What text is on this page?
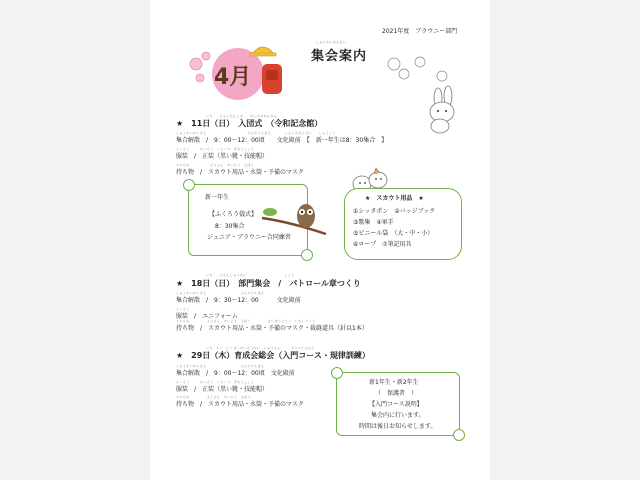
2021年度　ブラウニー部門
しゅうかいあんない
集会案内
4月
にち　　にゅうだんしき　　れいわきねんかん
★　11日（日）　入団式　（令和記念館）
しゅうかいかいさん　　　　　　　　　　　　ぶんかでんまえ　　　　しんいちねんせい　　しゅうごう
集合解散　/　9：00～12：00頃　　文化殿前　【　新一年生は8：30集合　】
ふくそう　　　せいそう　くろくつ　ぎのうしょう
服装　/　正装（黒い靴・技能帽）
もちもの　　　　　　ようひん　すいとう　よぼう
持ち物　/　スカウト用品・水筒・予備のマスク
新一年生
【ふくろう儀式】
8：30集合
ジュニア・ブラウニー合同練習
★　スカウト用品　★
①シッタポン　②バッジブック
③歌集　④軍手
⑤ビニール袋　（大・中・小）
⑥ロープ　⑦筆記用具
にち　　ぶもんしゅうかい　　　　　　　　　　　しょう
★　18日（日）　部門集会　/　パトロール章つくり
しゅうかいかいさん　　　　　　　　　　ぶんかでんまえ
集合解散　/　9：30～12：00　　　文化殿前
ふくそう
服装　/　ユニフォーム
もちもの　　　　　ようひん　すいとう　よぼう　　　　　さいほうどうぐ　いたいりょう
持ち物　/　スカウト用品・水筒・予備のマスク・裁縫道具（針以1本）
にち　もく　いくせいかいそうかい　にゅうもん　　　きりつくんれん
★　29日（木）育成会総会（入門コース・規律訓練）
しゅうかいかいさん　　　　　　　　　　ぶんかでんまえ
集合解散　/　9：00～12：00頃　文化殿前
ふくそう　　　せいそう　くろくつ　ぎのうしょう
服装　/　正装（黒い靴・技能帽）
もちもの　　　　　ようひん　すいとう　よぼう
持ち物　/　スカウト用品・水筒・予備のマスク
新1年生・新2年生
（　保護者　）
【入門コース説明】
集会内に行います。
時間は後日お知らせします。
